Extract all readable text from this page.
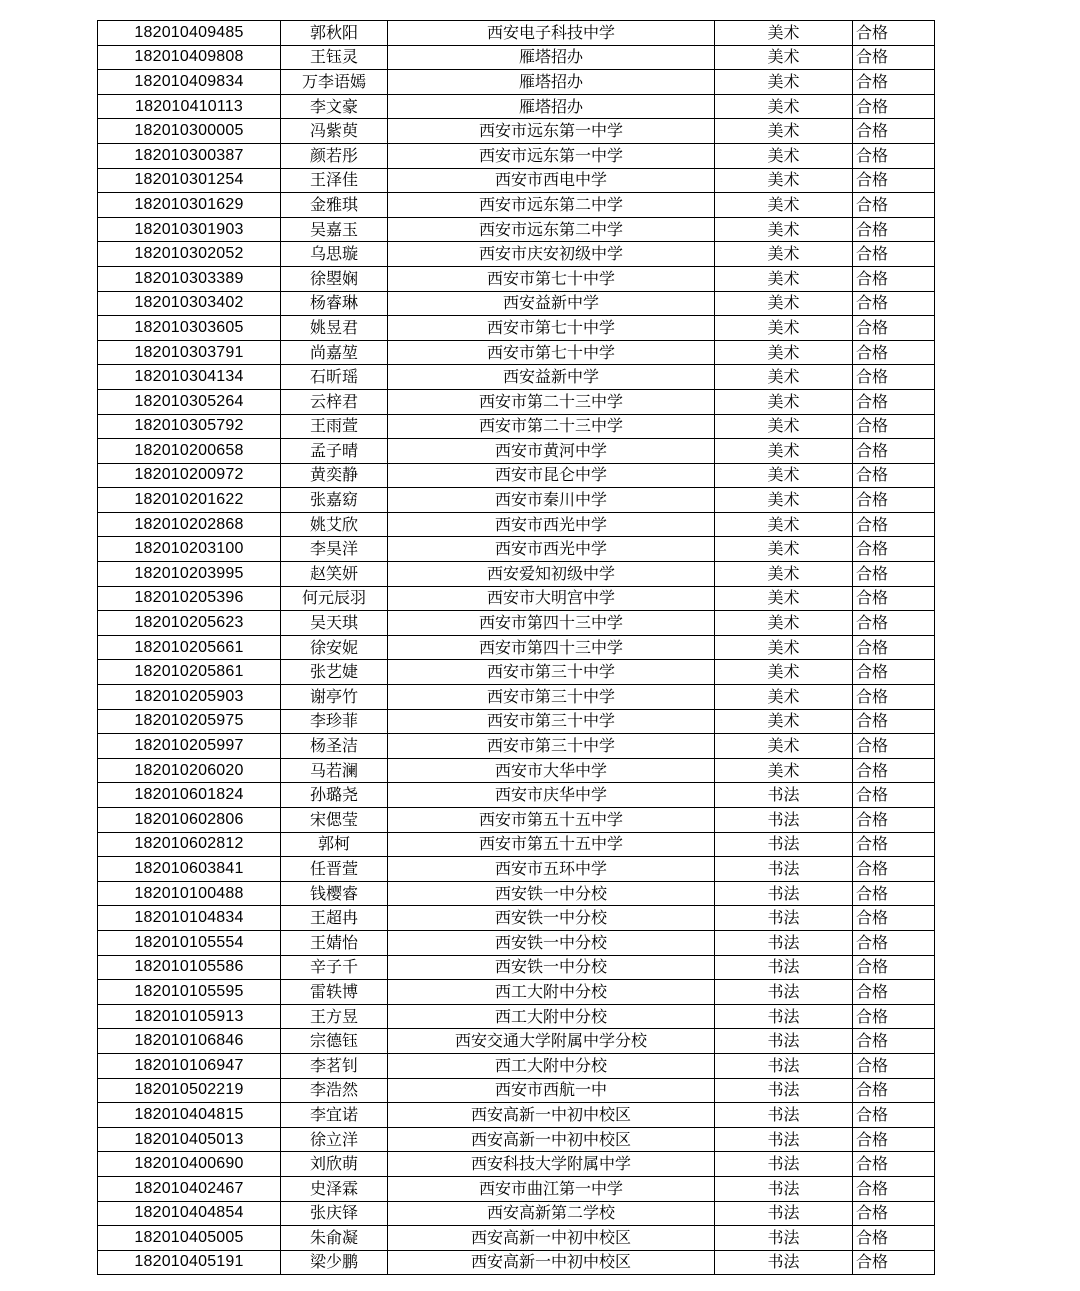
182010409485	郭秋阳	西安电子科技中学	美术	合格
182010409808	王钰灵	雁塔招办	美术	合格
182010409834	万李语嫣	雁塔招办	美术	合格
182010410113	李文豪	雁塔招办	美术	合格
182010300005	冯紫萸	西安市远东第一中学	美术	合格
182010300387	颜若彤	西安市远东第一中学	美术	合格
182010301254	王泽佳	西安市西电中学	美术	合格
182010301629	金雅琪	西安市远东第二中学	美术	合格
182010301903	吴嘉玉	西安市远东第二中学	美术	合格
182010302052	乌思璇	西安市庆安初级中学	美术	合格
182010303389	徐曌娴	西安市第七十中学	美术	合格
182010303402	杨睿琳	西安益新中学	美术	合格
182010303605	姚昱君	西安市第七十中学	美术	合格
182010303791	尚嘉堃	西安市第七十中学	美术	合格
182010304134	石昕瑶	西安益新中学	美术	合格
182010305264	云梓君	西安市第二十三中学	美术	合格
182010305792	王雨萱	西安市第二十三中学	美术	合格
182010200658	孟子晴	西安市黄河中学	美术	合格
182010200972	黄奕静	西安市昆仑中学	美术	合格
182010201622	张嘉窈	西安市秦川中学	美术	合格
182010202868	姚艾欣	西安市西光中学	美术	合格
182010203100	李昊洋	西安市西光中学	美术	合格
182010203995	赵笑妍	西安爱知初级中学	美术	合格
182010205396	何元辰羽	西安市大明宫中学	美术	合格
182010205623	吴天琪	西安市第四十三中学	美术	合格
182010205661	徐安妮	西安市第四十三中学	美术	合格
182010205861	张艺婕	西安市第三十中学	美术	合格
182010205903	谢亭竹	西安市第三十中学	美术	合格
182010205975	李珍菲	西安市第三十中学	美术	合格
182010205997	杨圣洁	西安市第三十中学	美术	合格
182010206020	马若澜	西安市大华中学	美术	合格
182010601824	孙璐尧	西安市庆华中学	书法	合格
182010602806	宋偲莹	西安市第五十五中学	书法	合格
182010602812	郭柯	西安市第五十五中学	书法	合格
182010603841	任晋萱	西安市五环中学	书法	合格
182010100488	钱樱睿	西安铁一中分校	书法	合格
182010104834	王超冉	西安铁一中分校	书法	合格
182010105554	王婧怡	西安铁一中分校	书法	合格
182010105586	辛子千	西安铁一中分校	书法	合格
182010105595	雷轶博	西工大附中分校	书法	合格
182010105913	王方昱	西工大附中分校	书法	合格
182010106846	宗德钰	西安交通大学附属中学分校	书法	合格
182010106947	李茗钊	西工大附中分校	书法	合格
182010502219	李浩然	西安市西航一中	书法	合格
182010404815	李宜诺	西安高新一中初中校区	书法	合格
182010405013	徐立洋	西安高新一中初中校区	书法	合格
182010400690	刘欣萌	西安科技大学附属中学	书法	合格
182010402467	史泽霖	西安市曲江第一中学	书法	合格
182010404854	张庆铎	西安高新第二学校	书法	合格
182010405005	朱俞凝	西安高新一中初中校区	书法	合格
182010405191	梁少鹏	西安高新一中初中校区	书法	合格
